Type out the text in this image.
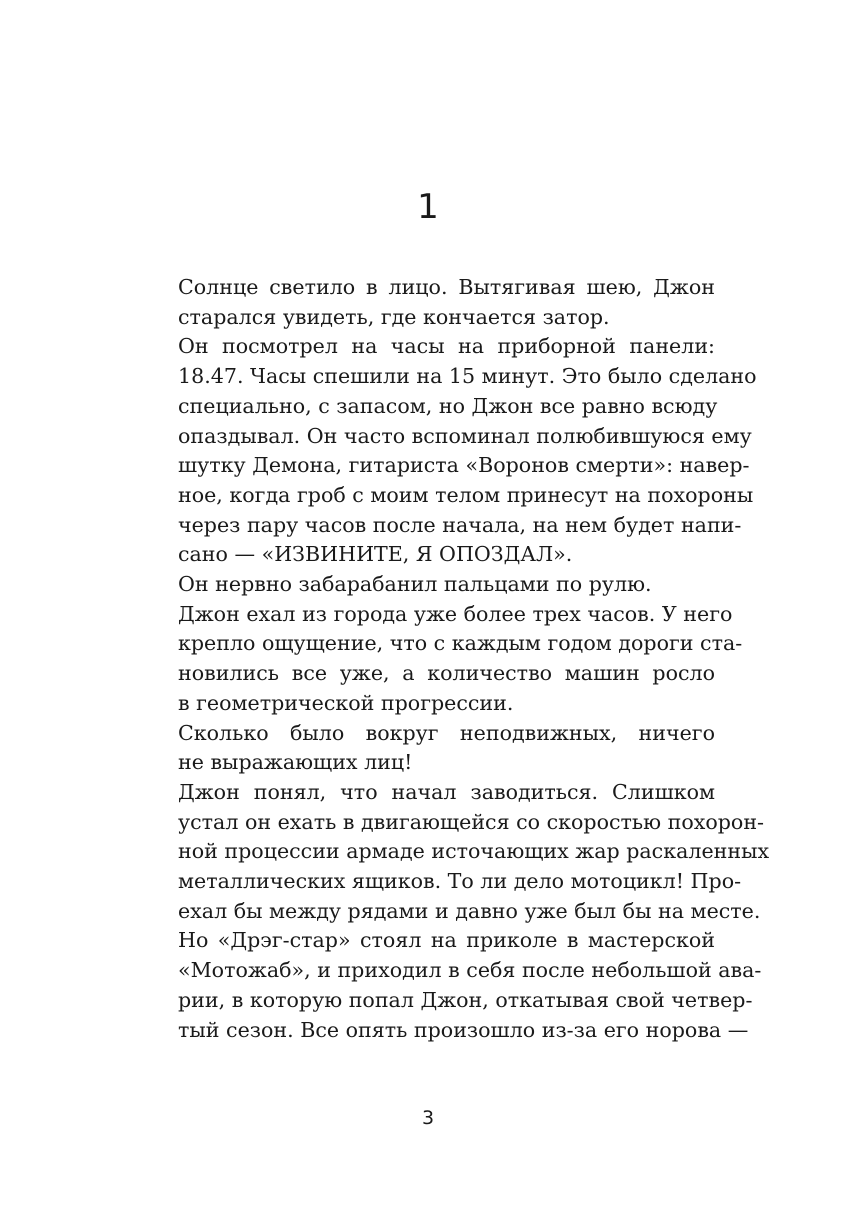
1

Солнце светило в лицо. Вытягивая шею, Джон
старался увидеть, где кончается затор.

Он посмотрел на часы на приборной панели:
18.47. Часы спешили на 15 минут. Это было сделано
специально, с запасом, но Джон все равно всюду
опаздывал. Он часто вспоминал полюбившуюся ему
шутку Демона, гитариста «Воронов смерти»: навер-
ное, когда гроб с моим телом принесут на похороны
через пару часов после начала, на нем будет напи-
сано — «ИЗВИНИТЕ, Я ОПОЗДАЛ».

Он нервно забарабанил пальцами по рулю.

Джон ехал из города уже более трех часов. У него
крепло ощущение, что с каждым годом дороги ста-
новились все уже, а количество машин росло
в геометрической прогрессии.

Сколько было вокруг неподвижных, ничего
не выражающих лиц!

Джон понял, что начал заводиться. Слишком
устал он ехать в двигающейся со скоростью похорон-
ной процессии армаде источающих жар раскаленных
металлических ящиков. То ли дело мотоцикл! Про-
ехал бы между рядами и давно уже был бы на месте.
Но «Дрэг-стар» стоял на приколе в мастерской
«Мотожаб», и приходил в себя после небольшой ава-
рии, в которую попал Джон, откатывая свой четвер-
тый сезон. Все опять произошло из-за его норова —

3
